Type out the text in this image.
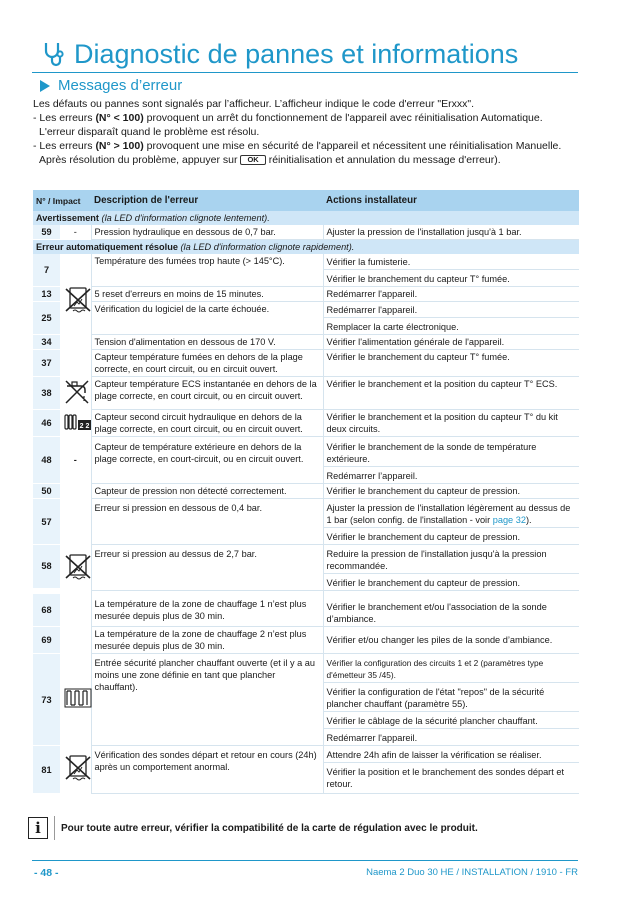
Diagnostic de pannes et informations
Messages d’erreur

Les défauts ou pannes sont signalés par l’afficheur. L’afficheur indique le code d'erreur "Erxxx".

- Les erreurs (N° < 100) provoquent un arrêt du fonctionnement de l'appareil avec réinitialisation Automatique.

L'erreur disparaît quand le problème est résolu.

- Les erreurs (N° > 100) provoquent une mise en sécurité de l'appareil et nécessitent une réinitialisation Manuelle.

Après résolution du problème, appuyer sur OK réinitialisation et annulation du message d'erreur).

N° / Impact		Description de l'erreur	Actions installateur
Avertissement (la LED d'information clignote lentement).			
59	-	Pression hydraulique en dessous de 0,7 bar.	Ajuster la pression de l'installation jusqu'à 1 bar.
Erreur automatiquement résolue (la LED d'information clignote rapidement).			
7		Température des fumées trop haute (> 145°C).	Vérifier la fumisterie.
			Vérifier le branchement du capteur T° fumée.
13		5 reset d'erreurs en moins de 15 minutes.	Redémarrer l'appareil.
25		Vérification du logiciel de la carte échouée.	Redémarrer l'appareil.
			Remplacer la carte électronique.
34		Tension d'alimentation en dessous de 170 V.	Vérifier l'alimentation générale de l'appareil.
37		Capteur température fumées en dehors de la plage correcte, en court circuit, ou en circuit ouvert.	Vérifier le branchement du capteur T° fumée.
38		Capteur température ECS instantanée en dehors de la plage correcte, en court circuit, ou en circuit ouvert.	Vérifier le branchement et la position du capteur T° ECS.
46	2 2	Capteur second circuit hydraulique en dehors de la plage correcte, en court circuit, ou en circuit ouvert.	Vérifier le branchement et la position du capteur T° du kit deux circuits.
48	-	Capteur de température extérieure en dehors de la plage correcte, en court-circuit, ou en circuit ouvert.	Vérifier le branchement de la sonde de température extérieure.
			Redémarrer l’appareil.
50		Capteur de pression non détecté correctement.	Vérifier le branchement du capteur de pression.
57		Erreur si pression en dessous de 0,4 bar.	Ajuster la pression de l'installation légèrement au dessus de 1 bar (selon config. de l'installation - voir page 32).
			Vérifier le branchement du capteur de pression.
58		Erreur si pression au dessus de 2,7 bar.	Reduire la pression de l'installation jusqu'à la pression recommandée.
			Vérifier le branchement du capteur de pression.
68		La température de la zone de chauffage 1 n’est plus mesurée depuis plus de 30 min.	Vérifier le branchement et/ou l'association de la sonde d’ambiance.
69		La température de la zone de chauffage 2 n’est plus mesurée depuis plus de 30 min.	Vérifier et/ou changer les piles de la sonde d’ambiance.
73		Entrée sécurité plancher chauffant ouverte (et il y a au moins une zone définie en tant que plancher chauffant).	Vérifier la configuration des circuits 1 et 2 (paramètres type d'émetteur 35 /45).
			Vérifier la configuration de l'état "repos" de la sécurité plancher chauffant (paramètre 55).
			Vérifier le câblage de la sécurité plancher chauffant.
			Redémarrer l'appareil.
81		Vérification des sondes départ et retour en cours (24h) après un comportement anormal.	Attendre 24h afin de laisser la vérification se réaliser.
			Vérifier la position et le branchement des sondes départ et retour.
i	Pour toute autre erreur, vérifier la compatibilité de la carte de régulation avec le produit.
- 48 -	Naema 2 Duo 30 HE / INSTALLATION / 1910 - FR
